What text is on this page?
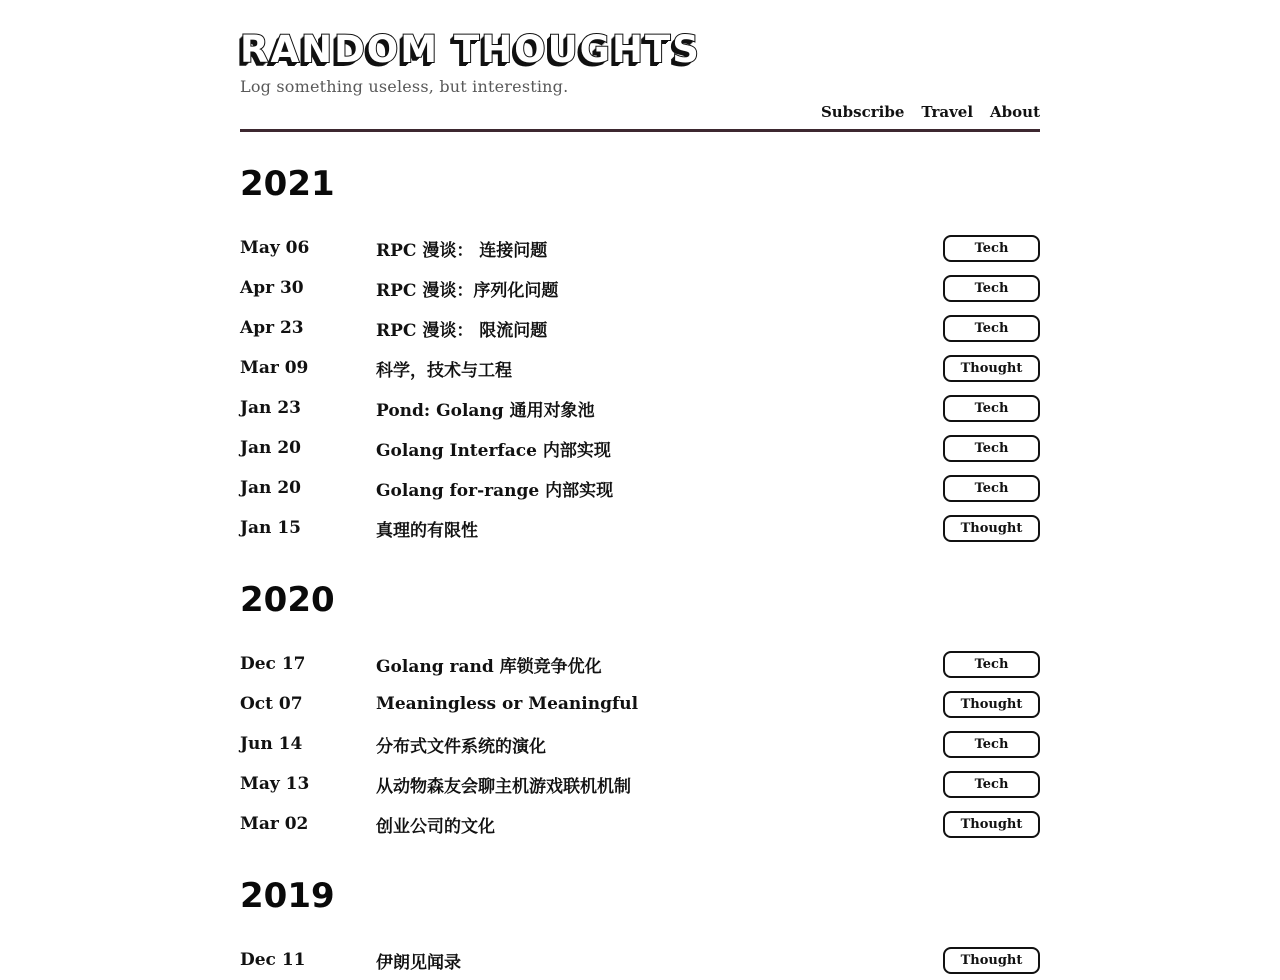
RANDOM THOUGHTS
Log something useless, but interesting.
Subscribe Travel About
2021
May 06	RPC 漫谈： 连接问题	Tech
Apr 30	RPC 漫谈：序列化问题	Tech
Apr 23	RPC 漫谈： 限流问题	Tech
Mar 09	科学，技术与工程	Thought
Jan 23	Pond: Golang 通用对象池	Tech
Jan 20	Golang Interface 内部实现	Tech
Jan 20	Golang for-range 内部实现	Tech
Jan 15	真理的有限性	Thought
2020
Dec 17	Golang rand 库锁竞争优化	Tech
Oct 07	Meaningless or Meaningful	Thought
Jun 14	分布式文件系统的演化	Tech
May 13	从动物森友会聊主机游戏联机机制	Tech
Mar 02	创业公司的文化	Thought
2019
Dec 11	伊朗见闻录	Thought
